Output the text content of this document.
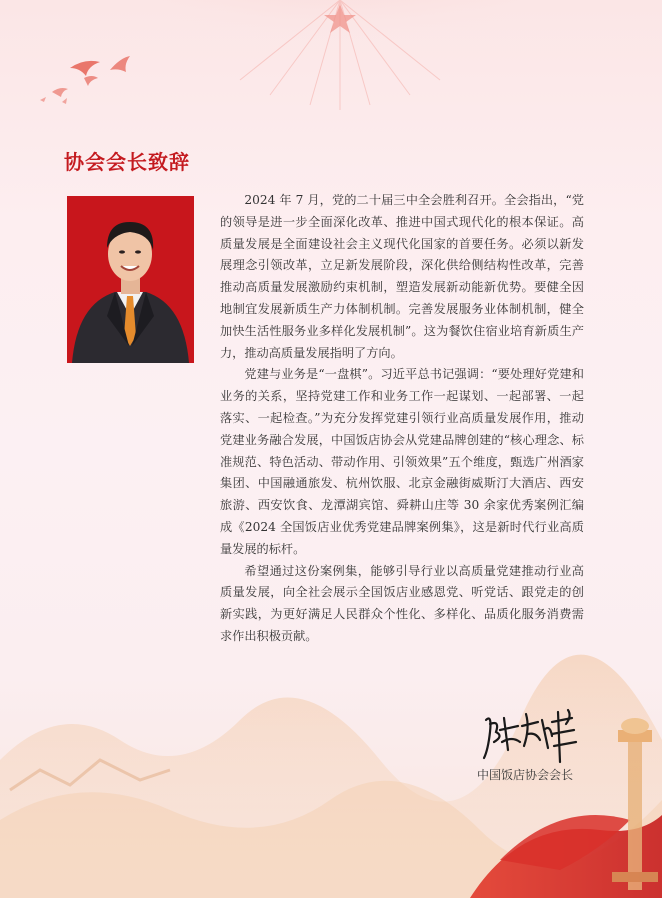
协会会长致辞

2024 年 7 月，党的二十届三中全会胜利召开。全会指出，“党的领导是进一步全面深化改革、推进中国式现代化的根本保证。高质量发展是全面建设社会主义现代化国家的首要任务。必须以新发展理念引领改革，立足新发展阶段，深化供给侧结构性改革，完善推动高质量发展激励约束机制，塑造发展新动能新优势。要健全因地制宜发展新质生产力体制机制。完善发展服务业体制机制，健全加快生活性服务业多样化发展机制”。这为餐饮住宿业培育新质生产力，推动高质量发展指明了方向。

党建与业务是“一盘棋”。习近平总书记强调：“要处理好党建和业务的关系，坚持党建工作和业务工作一起谋划、一起部署、一起落实、一起检查。”为充分发挥党建引领行业高质量发展作用，推动党建业务融合发展，中国饭店协会从党建品牌创建的“核心理念、标准规范、特色活动、带动作用、引领效果”五个维度，甄选广州酒家集团、中国融通旅发、杭州饮服、北京金融街威斯汀大酒店、西安旅游、西安饮食、龙潭湖宾馆、舜耕山庄等 30 余家优秀案例汇编成《2024 全国饭店业优秀党建品牌案例集》，这是新时代行业高质量发展的标杆。

希望通过这份案例集，能够引导行业以高质量党建推动行业高质量发展，向全社会展示全国饭店业感恩党、听党话、跟党走的创新实践，为更好满足人民群众个性化、多样化、品质化服务消费需求作出积极贡献。

中国饭店协会会长
